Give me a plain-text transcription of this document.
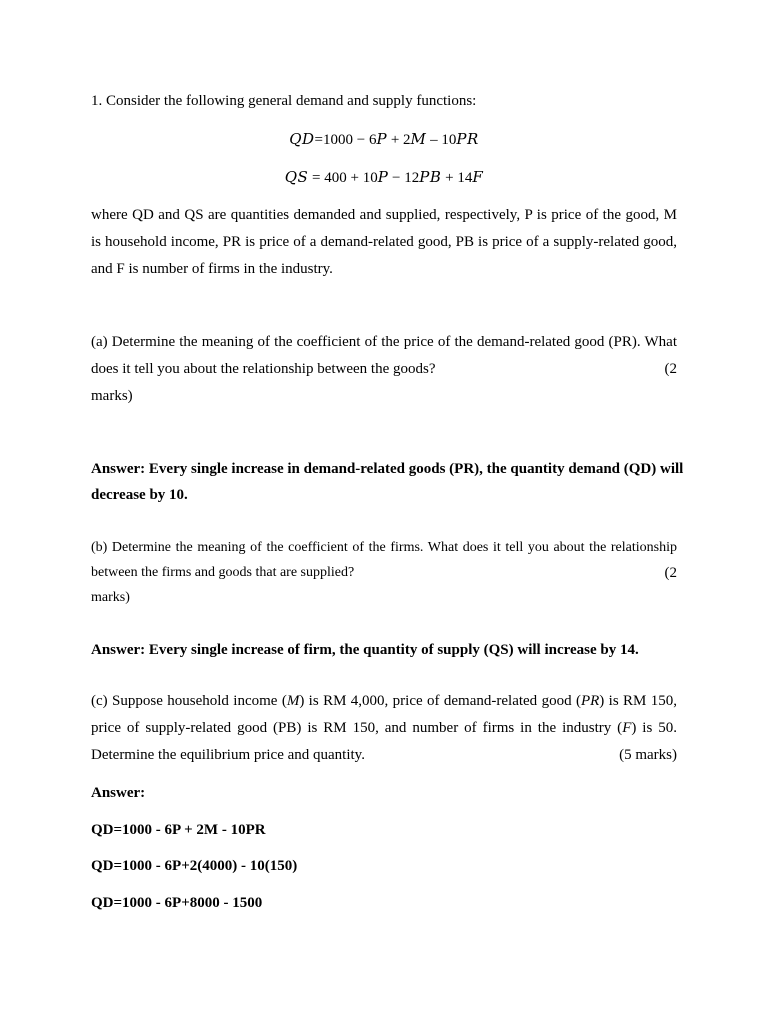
1. Consider the following general demand and supply functions:
QD=1000 − 6P + 2M – 10PR
QS = 400 + 10P − 12PB + 14F
where QD and QS are quantities demanded and supplied, respectively, P is price of the good, M
is household income, PR is price of a demand-related good, PB is price of a supply-related good,
and F is number of firms in the industry.
(a) Determine the meaning of the coefficient of the price of the demand-related good (PR). What
does it tell you about the relationship between the goods?	(2
marks)
Answer: Every single increase in demand-related goods (PR), the quantity demand (QD) will
decrease by 10.
(b) Determine the meaning of the coefficient of the firms. What does it tell you about the relationship
between the firms and goods that are supplied?	(2
marks)
Answer: Every single increase of firm, the quantity of supply (QS) will increase by 14.
(c) Suppose household income (M) is RM 4,000, price of demand-related good (PR) is RM 150,
price of supply-related good (PB) is RM 150, and number of firms in the industry (F) is 50.
Determine the equilibrium price and quantity.	(5 marks)
Answer:
QD=1000 - 6P + 2M - 10PR
QD=1000 - 6P+2(4000) - 10(150)
QD=1000 - 6P+8000 - 1500
